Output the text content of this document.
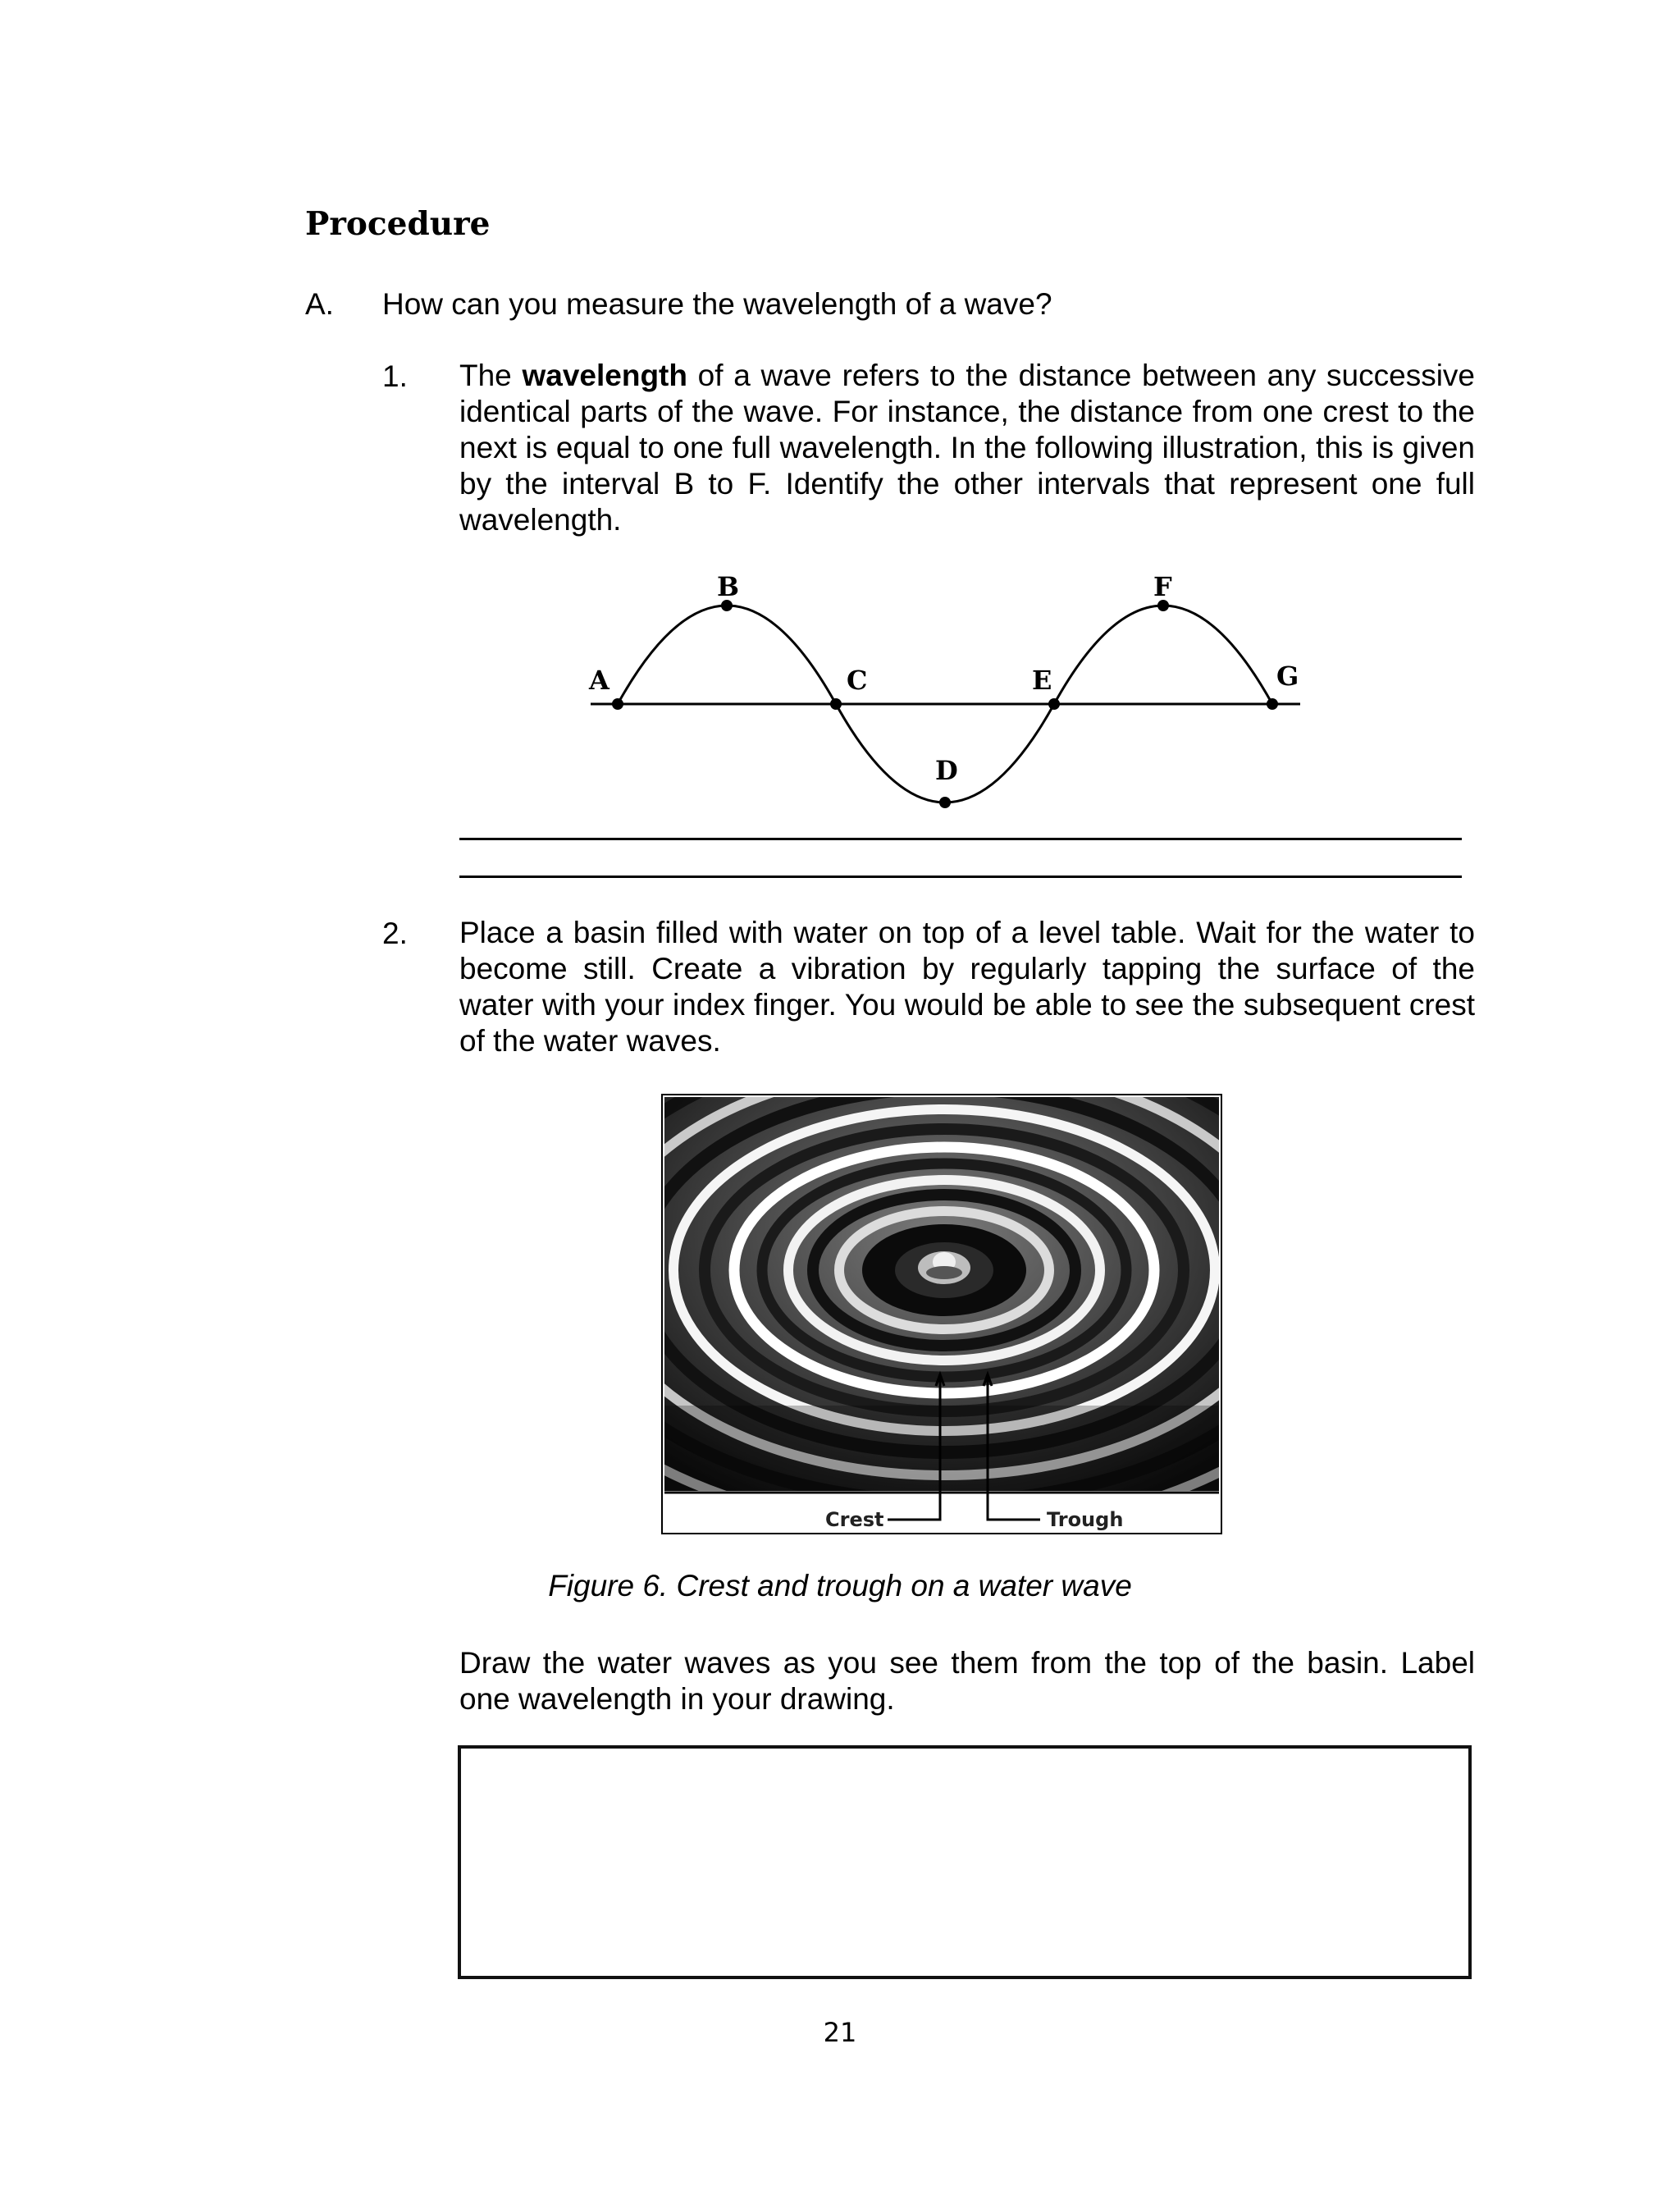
Procedure
A. How can you measure the wavelength of a wave?
1. The wavelength of a wave refers to the distance between any successive identical parts of the wave. For instance, the distance from one crest to the next is equal to one full wavelength. In the following illustration, this is given by the interval B to F. Identify the other intervals that represent one full wavelength.
A
B
C
D
E
F
G
2. Place a basin filled with water on top of a level table. Wait for the water to become still. Create a vibration by regularly tapping the surface of the water with your index finger. You would be able to see the subsequent crest of the water waves.
Crest	Trough
Figure 6. Crest and trough on a water wave
Draw the water waves as you see them from the top of the basin. Label one wavelength in your drawing.
21
